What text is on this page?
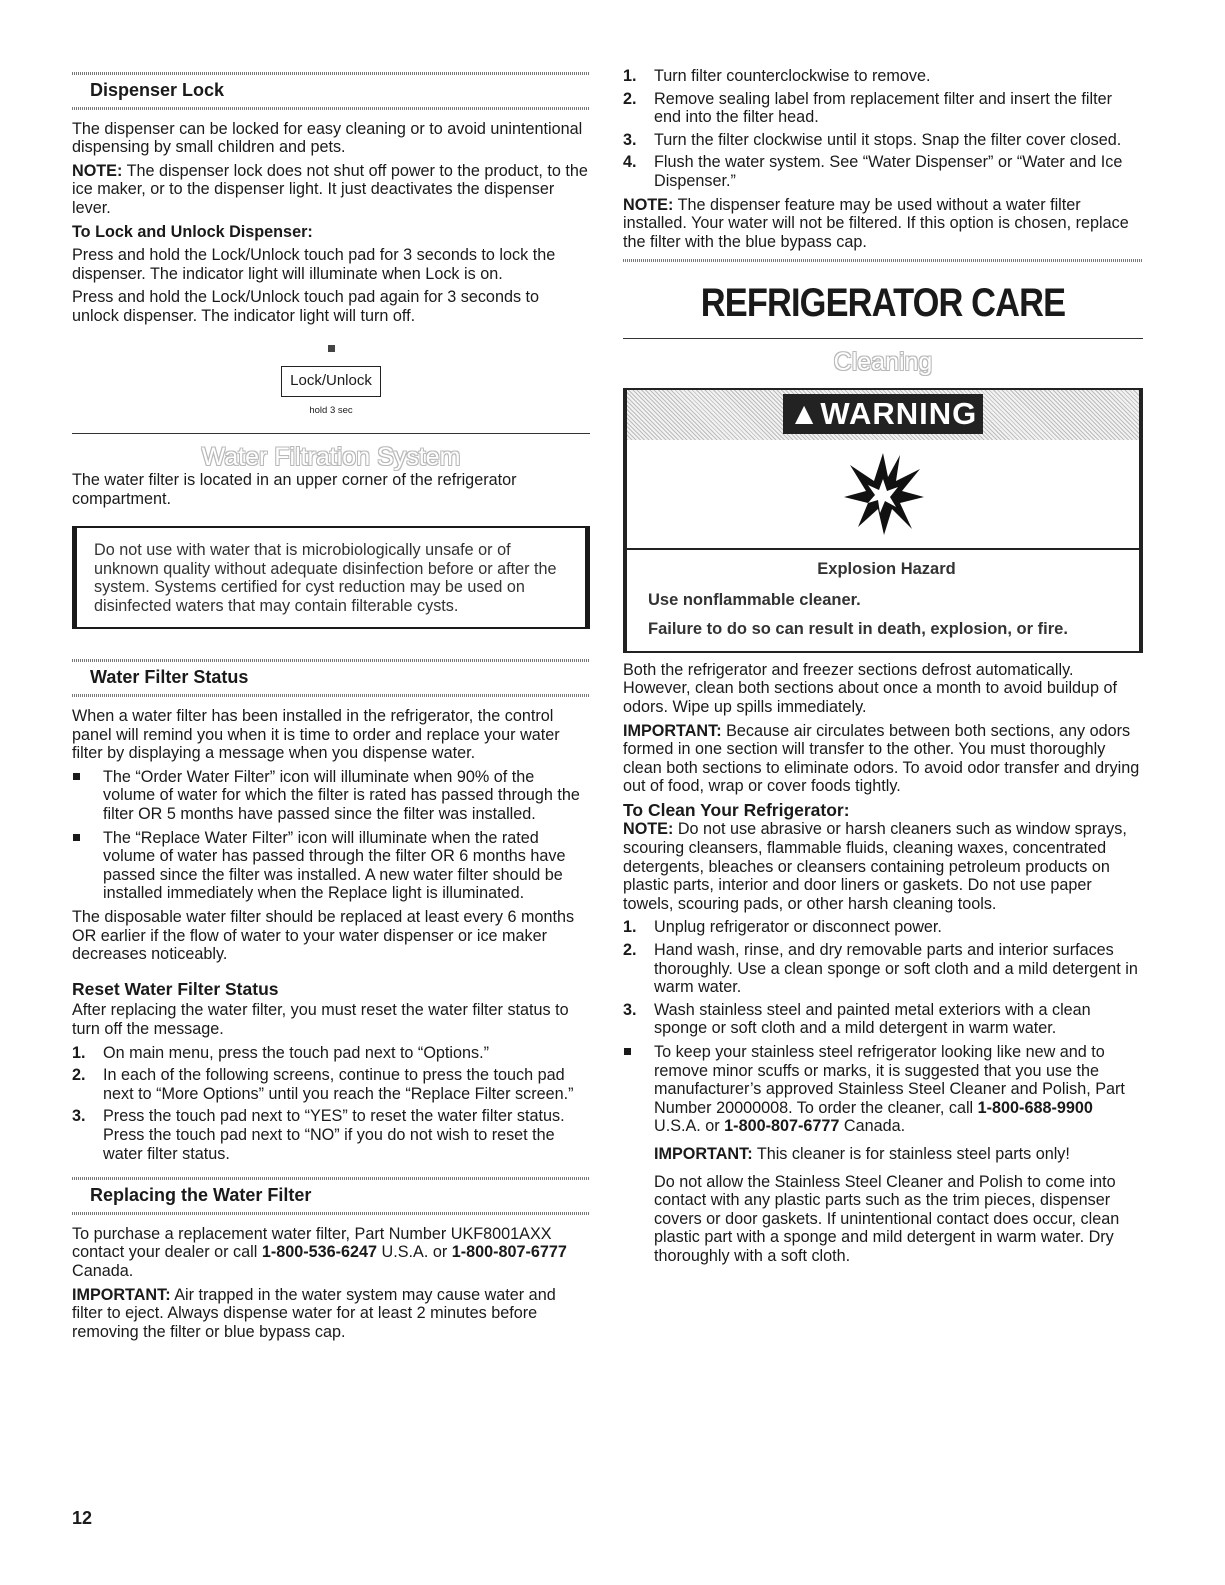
Dispenser Lock

The dispenser can be locked for easy cleaning or to avoid unintentional dispensing by small children and pets.

NOTE: The dispenser lock does not shut off power to the product, to the ice maker, or to the dispenser light. It just deactivates the dispenser lever.

To Lock and Unlock Dispenser:

Press and hold the Lock/Unlock touch pad for 3 seconds to lock the dispenser. The indicator light will illuminate when Lock is on.

Press and hold the Lock/Unlock touch pad again for 3 seconds to unlock dispenser. The indicator light will turn off.

Lock/Unlock
hold 3 sec
Water Filtration System

The water filter is located in an upper corner of the refrigerator compartment.

Do not use with water that is microbiologically unsafe or of unknown quality without adequate disinfection before or after the system. Systems certified for cyst reduction may be used on disinfected waters that may contain filterable cysts.
Water Filter Status

When a water filter has been installed in the refrigerator, the control panel will remind you when it is time to order and replace your water filter by displaying a message when you dispense water.

The “Order Water Filter” icon will illuminate when 90% of the volume of water for which the filter is rated has passed through the filter OR 5 months have passed since the filter was installed.
The “Replace Water Filter” icon will illuminate when the rated volume of water has passed through the filter OR 6 months have passed since the filter was installed. A new water filter should be installed immediately when the Replace light is illuminated.

The disposable water filter should be replaced at least every 6 months OR earlier if the flow of water to your water dispenser or ice maker decreases noticeably.

Reset Water Filter Status

After replacing the water filter, you must reset the water filter status to turn off the message.

1. On main menu, press the touch pad next to “Options.”
2. In each of the following screens, continue to press the touch pad next to “More Options” until you reach the “Replace Filter screen.”
3. Press the touch pad next to “YES” to reset the water filter status. Press the touch pad next to “NO” if you do not wish to reset the water filter status.
Replacing the Water Filter

To purchase a replacement water filter, Part Number UKF8001AXX contact your dealer or call 1-800-536-6247 U.S.A. or 1-800-807-6777 Canada.

IMPORTANT: Air trapped in the water system may cause water and filter to eject. Always dispense water for at least 2 minutes before removing the filter or blue bypass cap.

12
1. Turn filter counterclockwise to remove.
2. Remove sealing label from replacement filter and insert the filter end into the filter head.
3. Turn the filter clockwise until it stops. Snap the filter cover closed.
4. Flush the water system. See “Water Dispenser” or “Water and Ice Dispenser.”

NOTE: The dispenser feature may be used without a water filter installed. Your water will not be filtered. If this option is chosen, replace the filter with the blue bypass cap.

REFRIGERATOR CARE
Cleaning
▲WARNING
Explosion Hazard
Use nonflammable cleaner.
Failure to do so can result in death, explosion, or fire.

Both the refrigerator and freezer sections defrost automatically. However, clean both sections about once a month to avoid buildup of odors. Wipe up spills immediately.

IMPORTANT: Because air circulates between both sections, any odors formed in one section will transfer to the other. You must thoroughly clean both sections to eliminate odors. To avoid odor transfer and drying out of food, wrap or cover foods tightly.

To Clean Your Refrigerator:

NOTE: Do not use abrasive or harsh cleaners such as window sprays, scouring cleansers, flammable fluids, cleaning waxes, concentrated detergents, bleaches or cleansers containing petroleum products on plastic parts, interior and door liners or gaskets. Do not use paper towels, scouring pads, or other harsh cleaning tools.

1. Unplug refrigerator or disconnect power.
2. Hand wash, rinse, and dry removable parts and interior surfaces thoroughly. Use a clean sponge or soft cloth and a mild detergent in warm water.
3. Wash stainless steel and painted metal exteriors with a clean sponge or soft cloth and a mild detergent in warm water.
To keep your stainless steel refrigerator looking like new and to remove minor scuffs or marks, it is suggested that you use the manufacturer’s approved Stainless Steel Cleaner and Polish, Part Number 20000008. To order the cleaner, call 1-800-688-9900 U.S.A. or 1-800-807-6777 Canada.

IMPORTANT: This cleaner is for stainless steel parts only!

Do not allow the Stainless Steel Cleaner and Polish to come into contact with any plastic parts such as the trim pieces, dispenser covers or door gaskets. If unintentional contact does occur, clean plastic part with a sponge and mild detergent in warm water. Dry thoroughly with a soft cloth.
